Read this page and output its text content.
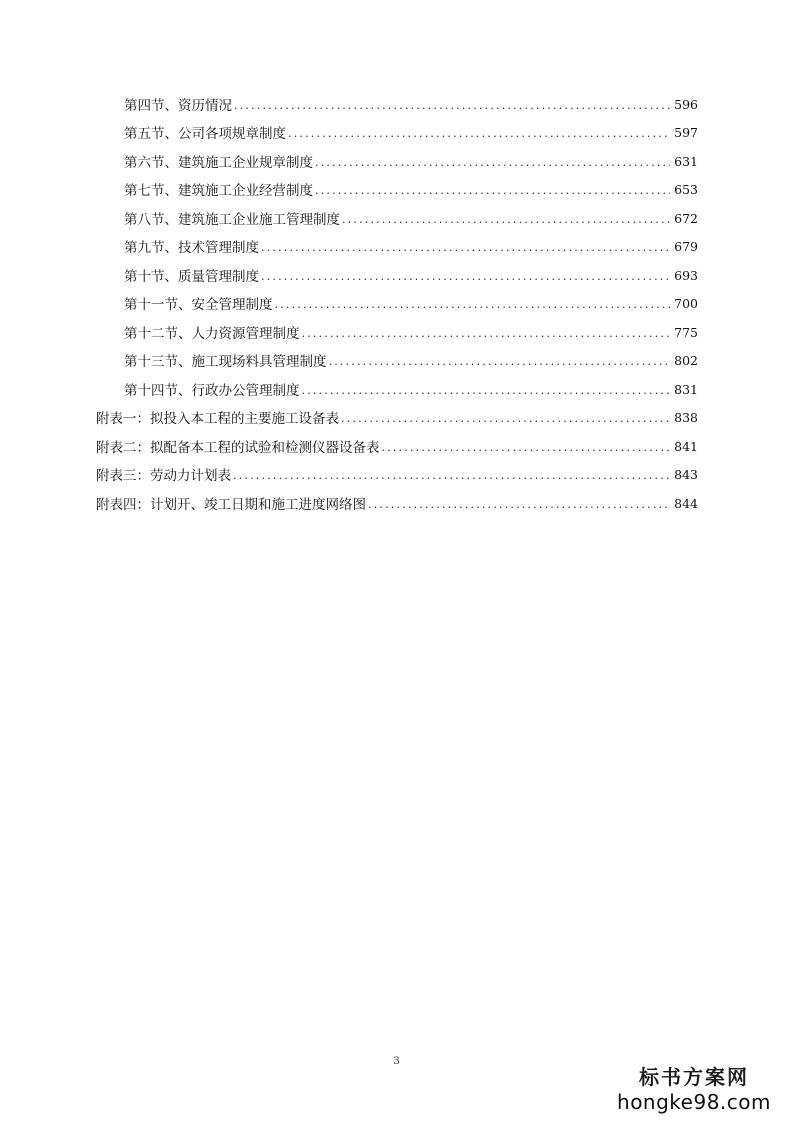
第四节、资历情况 .....	596
第五节、公司各项规章制度 .....	597
第六节、建筑施工企业规章制度 .....	631
第七节、建筑施工企业经营制度 .....	653
第八节、建筑施工企业施工管理制度 .....	672
第九节、技术管理制度 .....	679
第十节、质量管理制度 .....	693
第十一节、安全管理制度 .....	700
第十二节、人力资源管理制度 .....	775
第十三节、施工现场料具管理制度 .....	802
第十四节、行政办公管理制度 .....	831
附表一：拟投入本工程的主要施工设备表 .....	838
附表二：拟配备本工程的试验和检测仪器设备表 .....	841
附表三：劳动力计划表 .....	843
附表四：计划开、竣工日期和施工进度网络图 .....	844
3
标书方案网
hongke98.com
